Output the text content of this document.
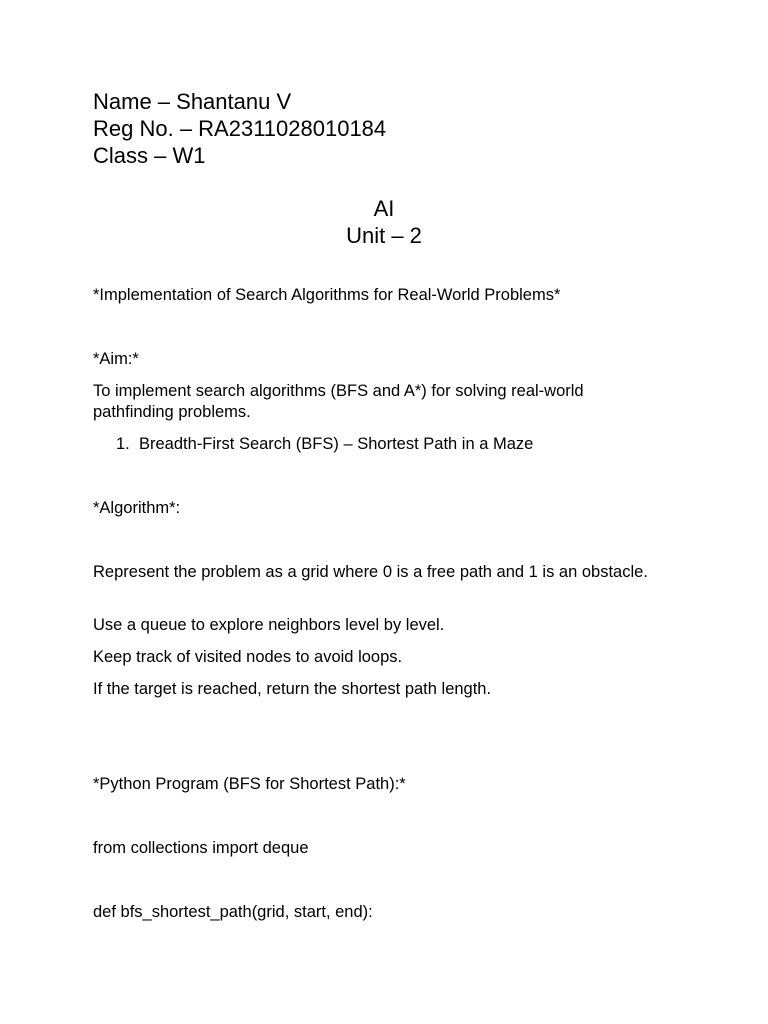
Name – Shantanu V
Reg No. – RA2311028010184
Class – W1
AI
Unit – 2
*Implementation of Search Algorithms for Real-World Problems*
*Aim:*
To implement search algorithms (BFS and A*) for solving real-world pathfinding problems.
1. Breadth-First Search (BFS) – Shortest Path in a Maze
*Algorithm*:
Represent the problem as a grid where 0 is a free path and 1 is an obstacle.
Use a queue to explore neighbors level by level.
Keep track of visited nodes to avoid loops.
If the target is reached, return the shortest path length.
*Python Program (BFS for Shortest Path):*
from collections import deque
def bfs_shortest_path(grid, start, end):
